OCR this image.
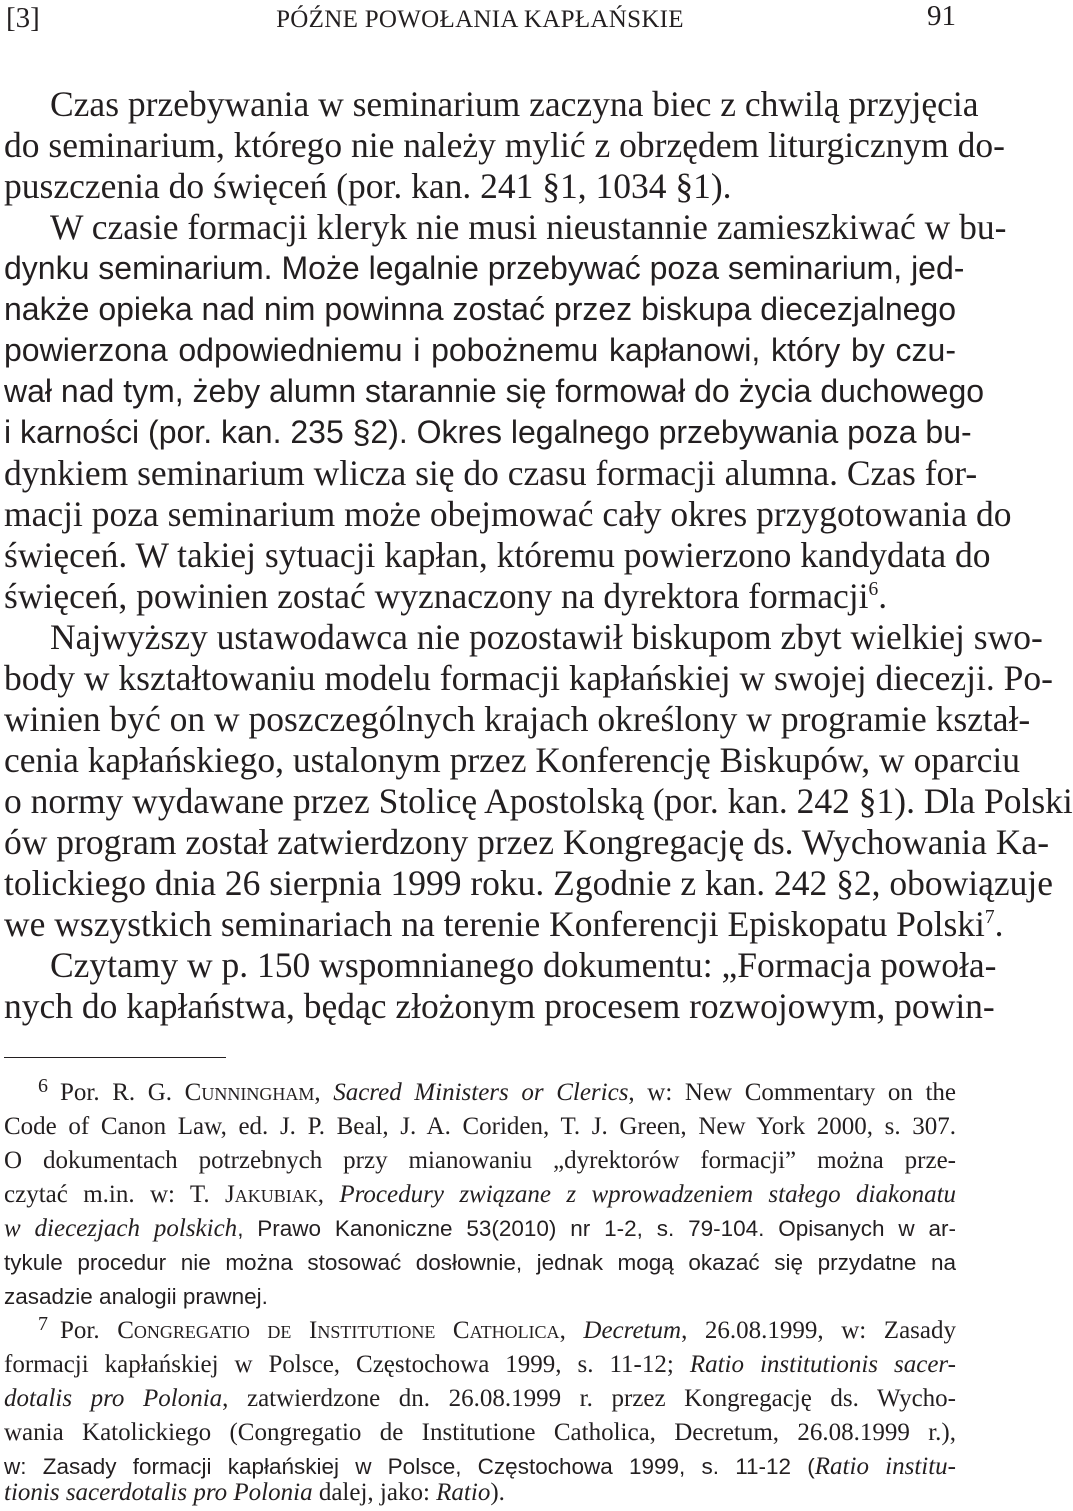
[3]	PÓŹNE POWOŁANIA KAPŁAŃSKIE	91
Czas przebywania w seminarium zaczyna biec z chwilą przyjęcia
do seminarium, którego nie należy mylić z obrzędem liturgicznym do-
puszczenia do święceń (por. kan. 241 §1, 1034 §1).
W czasie formacji kleryk nie musi nieustannie zamieszkiwać w bu-
dynku seminarium. Może legalnie przebywać poza seminarium, jed-
nakże opieka nad nim powinna zostać przez biskupa diecezjalnego
powierzona odpowiedniemu i pobożnemu kapłanowi, który by czu-
wał nad tym, żeby alumn starannie się formował do życia duchowego
i karności (por. kan. 235 §2). Okres legalnego przebywania poza bu-
dynkiem seminarium wlicza się do czasu formacji alumna. Czas for-
macji poza seminarium może obejmować cały okres przygotowania do
święceń. W takiej sytuacji kapłan, któremu powierzono kandydata do
święceń, powinien zostać wyznaczony na dyrektora formacji$^6$.
Najwyższy ustawodawca nie pozostawił biskupom zbyt wielkiej swo-
body w kształtowaniu modelu formacji kapłańskiej w swojej diecezji. Po-
winien być on w poszczególnych krajach określony w programie kształ-
cenia kapłańskiego, ustalonym przez Konferencję Biskupów, w oparciu
o normy wydawane przez Stolicę Apostolską (por. kan. 242 §1). Dla Polski
ów program został zatwierdzony przez Kongregację ds. Wychowania Ka-
tolickiego dnia 26 sierpnia 1999 roku. Zgodnie z kan. 242 §2, obowiązuje
we wszystkich seminariach na terenie Konferencji Episkopatu Polski$^7$.
Czytamy w p. 150 wspomnianego dokumentu: „Formacja powoła-
nych do kapłaństwa, będąc złożonym procesem rozwojowym, powin-
$^6$ Por. R. G. Cunningham, Sacred Ministers or Clerics, w: New Commentary on the
Code of Canon Law, ed. J. P. Beal, J. A. Coriden, T. J. Green, New York 2000, s. 307.
O dokumentach potrzebnych przy mianowaniu „dyrektorów formacji” można prze-
czytać m.in. w: T. Jakubiak, Procedury związane z wprowadzeniem stałego diakonatu
w diecezjach polskich, Prawo Kanoniczne 53(2010) nr 1-2, s. 79-104. Opisanych w ar-
tykule procedur nie można stosować dosłownie, jednak mogą okazać się przydatne na
zasadzie analogii prawnej.
$^7$ Por. Congregatio de Institutione Catholica, Decretum, 26.08.1999, w: Zasady
formacji kapłańskiej w Polsce, Częstochowa 1999, s. 11-12; Ratio institutionis sacer-
dotalis pro Polonia, zatwierdzone dn. 26.08.1999 r. przez Kongregację ds. Wycho-
wania Katolickiego (Congregatio de Institutione Catholica, Decretum, 26.08.1999 r.),
w: Zasady formacji kapłańskiej w Polsce, Częstochowa 1999, s. 11-12 (Ratio institu-
tionis sacerdotalis pro Polonia dalej, jako: Ratio).
